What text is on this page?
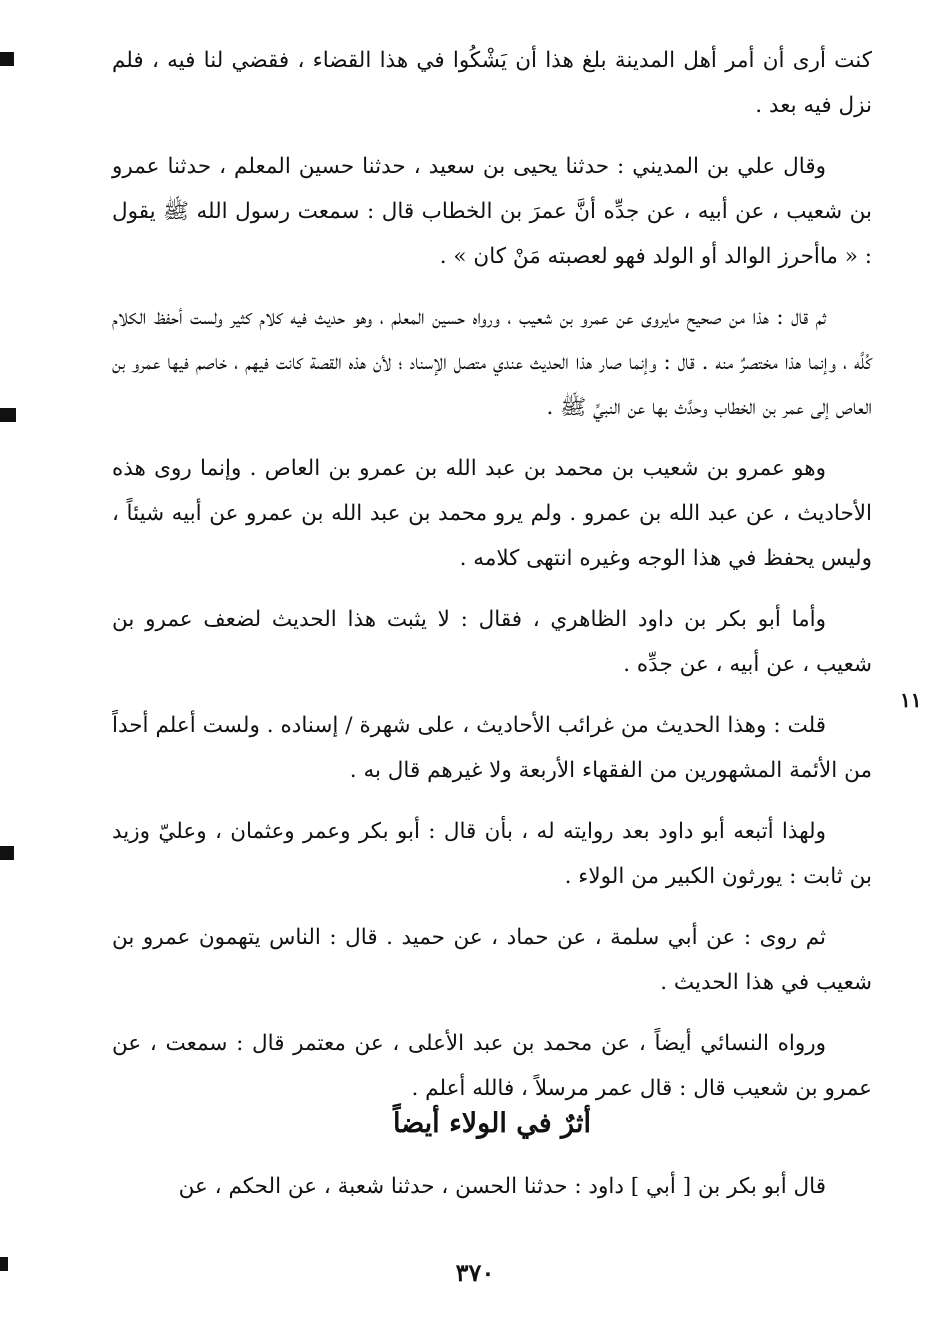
١١

كنت أرى أن أمر أهل المدينة بلغ هذا أن يَشْكُوا في هذا القضاء ، فقضي لنا فيه ، فلم نزل فيه بعد .

وقال علي بن المديني : حدثنا يحيى بن سعيد ، حدثنا حسين المعلم ، حدثنا عمرو بن شعيب ، عن أبيه ، عن جدِّه أنَّ عمرَ بن الخطاب قال : سمعت رسول الله ﷺ يقول : « ماأحرز الوالد أو الولد فهو لعصبته مَنْ كان » .

ثم قال : هذا من صحيح مايروى عن عمرو بن شعيب ، ورواه حسين المعلم ، وهو حديث فيه كلام كثير ولست أحفظ الكلام كُلَّه ، وإنما هذا مختصرٌ منه . قال : وإنما صار هذا الحديث عندي متصل الإسناد ؛ لأن هذه القصة كانت فيهم ، خاصم فيها عمرو بن العاص إلى عمر بن الخطاب وحدَّث بها عن النبيِّ ﷺ .

وهو عمرو بن شعيب بن محمد بن عبد الله بن عمرو بن العاص . وإنما روى هذه الأحاديث ، عن عبد الله بن عمرو . ولم يرو محمد بن عبد الله بن عمرو عن أبيه شيئاً ، وليس يحفظ في هذا الوجه وغيره انتهى كلامه .

وأما أبو بكر بن داود الظاهري ، فقال : لا يثبت هذا الحديث لضعف عمرو بن شعيب ، عن أبيه ، عن جدِّه .

قلت : وهذا الحديث من غرائب الأحاديث ، على شهرة / إسناده . ولست أعلم أحداً من الأئمة المشهورين من الفقهاء الأربعة ولا غيرهم قال به .

ولهذا أتبعه أبو داود بعد روايته له ، بأن قال : أبو بكر وعمر وعثمان ، وعليّ وزيد بن ثابت : يورثون الكبير من الولاء .

ثم روى : عن أبي سلمة ، عن حماد ، عن حميد . قال : الناس يتهمون عمرو بن شعيب في هذا الحديث .

ورواه النسائي أيضاً ، عن محمد بن عبد الأعلى ، عن معتمر قال : سمعت ، عن عمرو بن شعيب قال : قال عمر مرسلاً ، فالله أعلم .

أثرٌ في الولاء أيضاً
قال أبو بكر بن [ أبي ] داود : حدثنا الحسن ، حدثنا شعبة ، عن الحكم ، عن
٣٧٠
